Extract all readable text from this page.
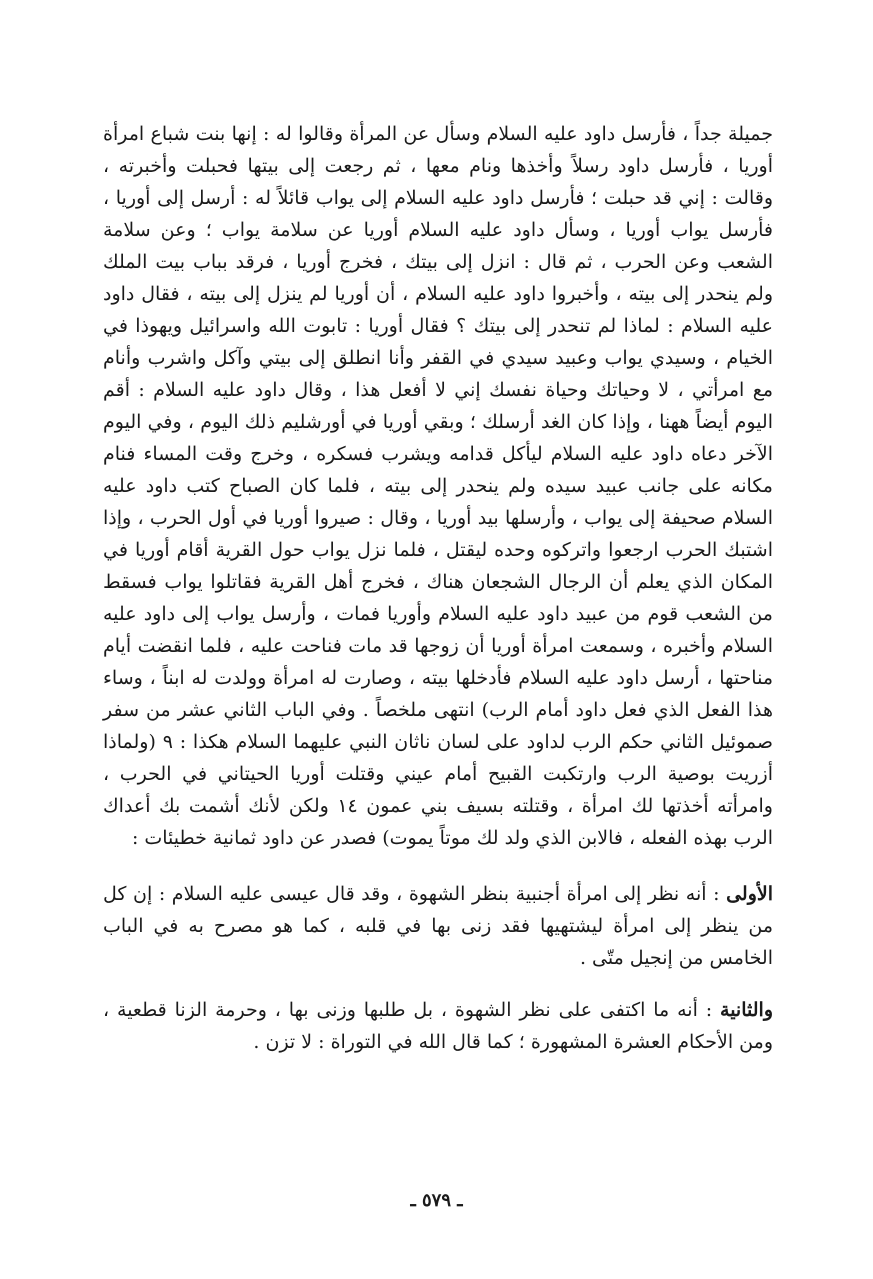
جميلة جداً ، فأرسل داود عليه السلام وسأل عن المرأة وقالوا له : إنها بنت شباع امرأة أوريا ، فأرسل داود رسلاً وأخذها ونام معها ، ثم رجعت إلى بيتها فحبلت وأخبرته ، وقالت : إني قد حبلت ؛ فأرسل داود عليه السلام إلى يواب قائلاً له : أرسل إلى أوريا ، فأرسل يواب أوريا ، وسأل داود عليه السلام أوريا عن سلامة يواب ؛ وعن سلامة الشعب وعن الحرب ، ثم قال : انزل إلى بيتك ، فخرج أوريا ، فرقد بباب بيت الملك ولم ينحدر إلى بيته ، وأخبروا داود عليه السلام ، أن أوريا لم ينزل إلى بيته ، فقال داود عليه السلام : لماذا لم تنحدر إلى بيتك ؟ فقال أوريا : تابوت الله واسرائيل ويهوذا في الخيام ، وسيدي يواب وعبيد سيدي في القفر وأنا انطلق إلى بيتي وآكل واشرب وأنام مع امرأتي ، لا وحياتك وحياة نفسك إني لا أفعل هذا ، وقال داود عليه السلام : أقم اليوم أيضاً ههنا ، وإذا كان الغد أرسلك ؛ وبقي أوريا في أورشليم ذلك اليوم ، وفي اليوم الآخر دعاه داود عليه السلام ليأكل قدامه ويشرب فسكره ، وخرج وقت المساء فنام مكانه على جانب عبيد سيده ولم ينحدر إلى بيته ، فلما كان الصباح كتب داود عليه السلام صحيفة إلى يواب ، وأرسلها بيد أوريا ، وقال : صيروا أوريا في أول الحرب ، وإذا اشتبك الحرب ارجعوا واتركوه وحده ليقتل ، فلما نزل يواب حول القرية أقام أوريا في المكان الذي يعلم أن الرجال الشجعان هناك ، فخرج أهل القرية فقاتلوا يواب فسقط من الشعب قوم من عبيد داود عليه السلام وأوريا فمات ، وأرسل يواب إلى داود عليه السلام وأخبره ، وسمعت امرأة أوريا أن زوجها قد مات فناحت عليه ، فلما انقضت أيام مناحتها ، أرسل داود عليه السلام فأدخلها بيته ، وصارت له امرأة وولدت له ابناً ، وساء هذا الفعل الذي فعل داود أمام الرب) انتهى ملخصاً . وفي الباب الثاني عشر من سفر صموئيل الثاني حكم الرب لداود على لسان ناثان النبي عليهما السلام هكذا : ٩ (ولماذا أزريت بوصية الرب وارتكبت القبيح أمام عيني وقتلت أوريا الحيتاني في الحرب ، وامرأته أخذتها لك امرأة ، وقتلته بسيف بني عمون ١٤ ولكن لأنك أشمت بك أعداك الرب بهذه الفعله ، فالابن الذي ولد لك موتاً يموت) فصدر عن داود ثمانية خطيئات :

الأولى : أنه نظر إلى امرأة أجنبية بنظر الشهوة ، وقد قال عيسى عليه السلام : إن كل من ينظر إلى امرأة ليشتهيها فقد زنى بها في قلبه ، كما هو مصرح به في الباب الخامس من إنجيل متّى .

والثانية : أنه ما اكتفى على نظر الشهوة ، بل طلبها وزنى بها ، وحرمة الزنا قطعية ، ومن الأحكام العشرة المشهورة ؛ كما قال الله في التوراة : لا تزن .

ـ ٥٧٩ ـ
